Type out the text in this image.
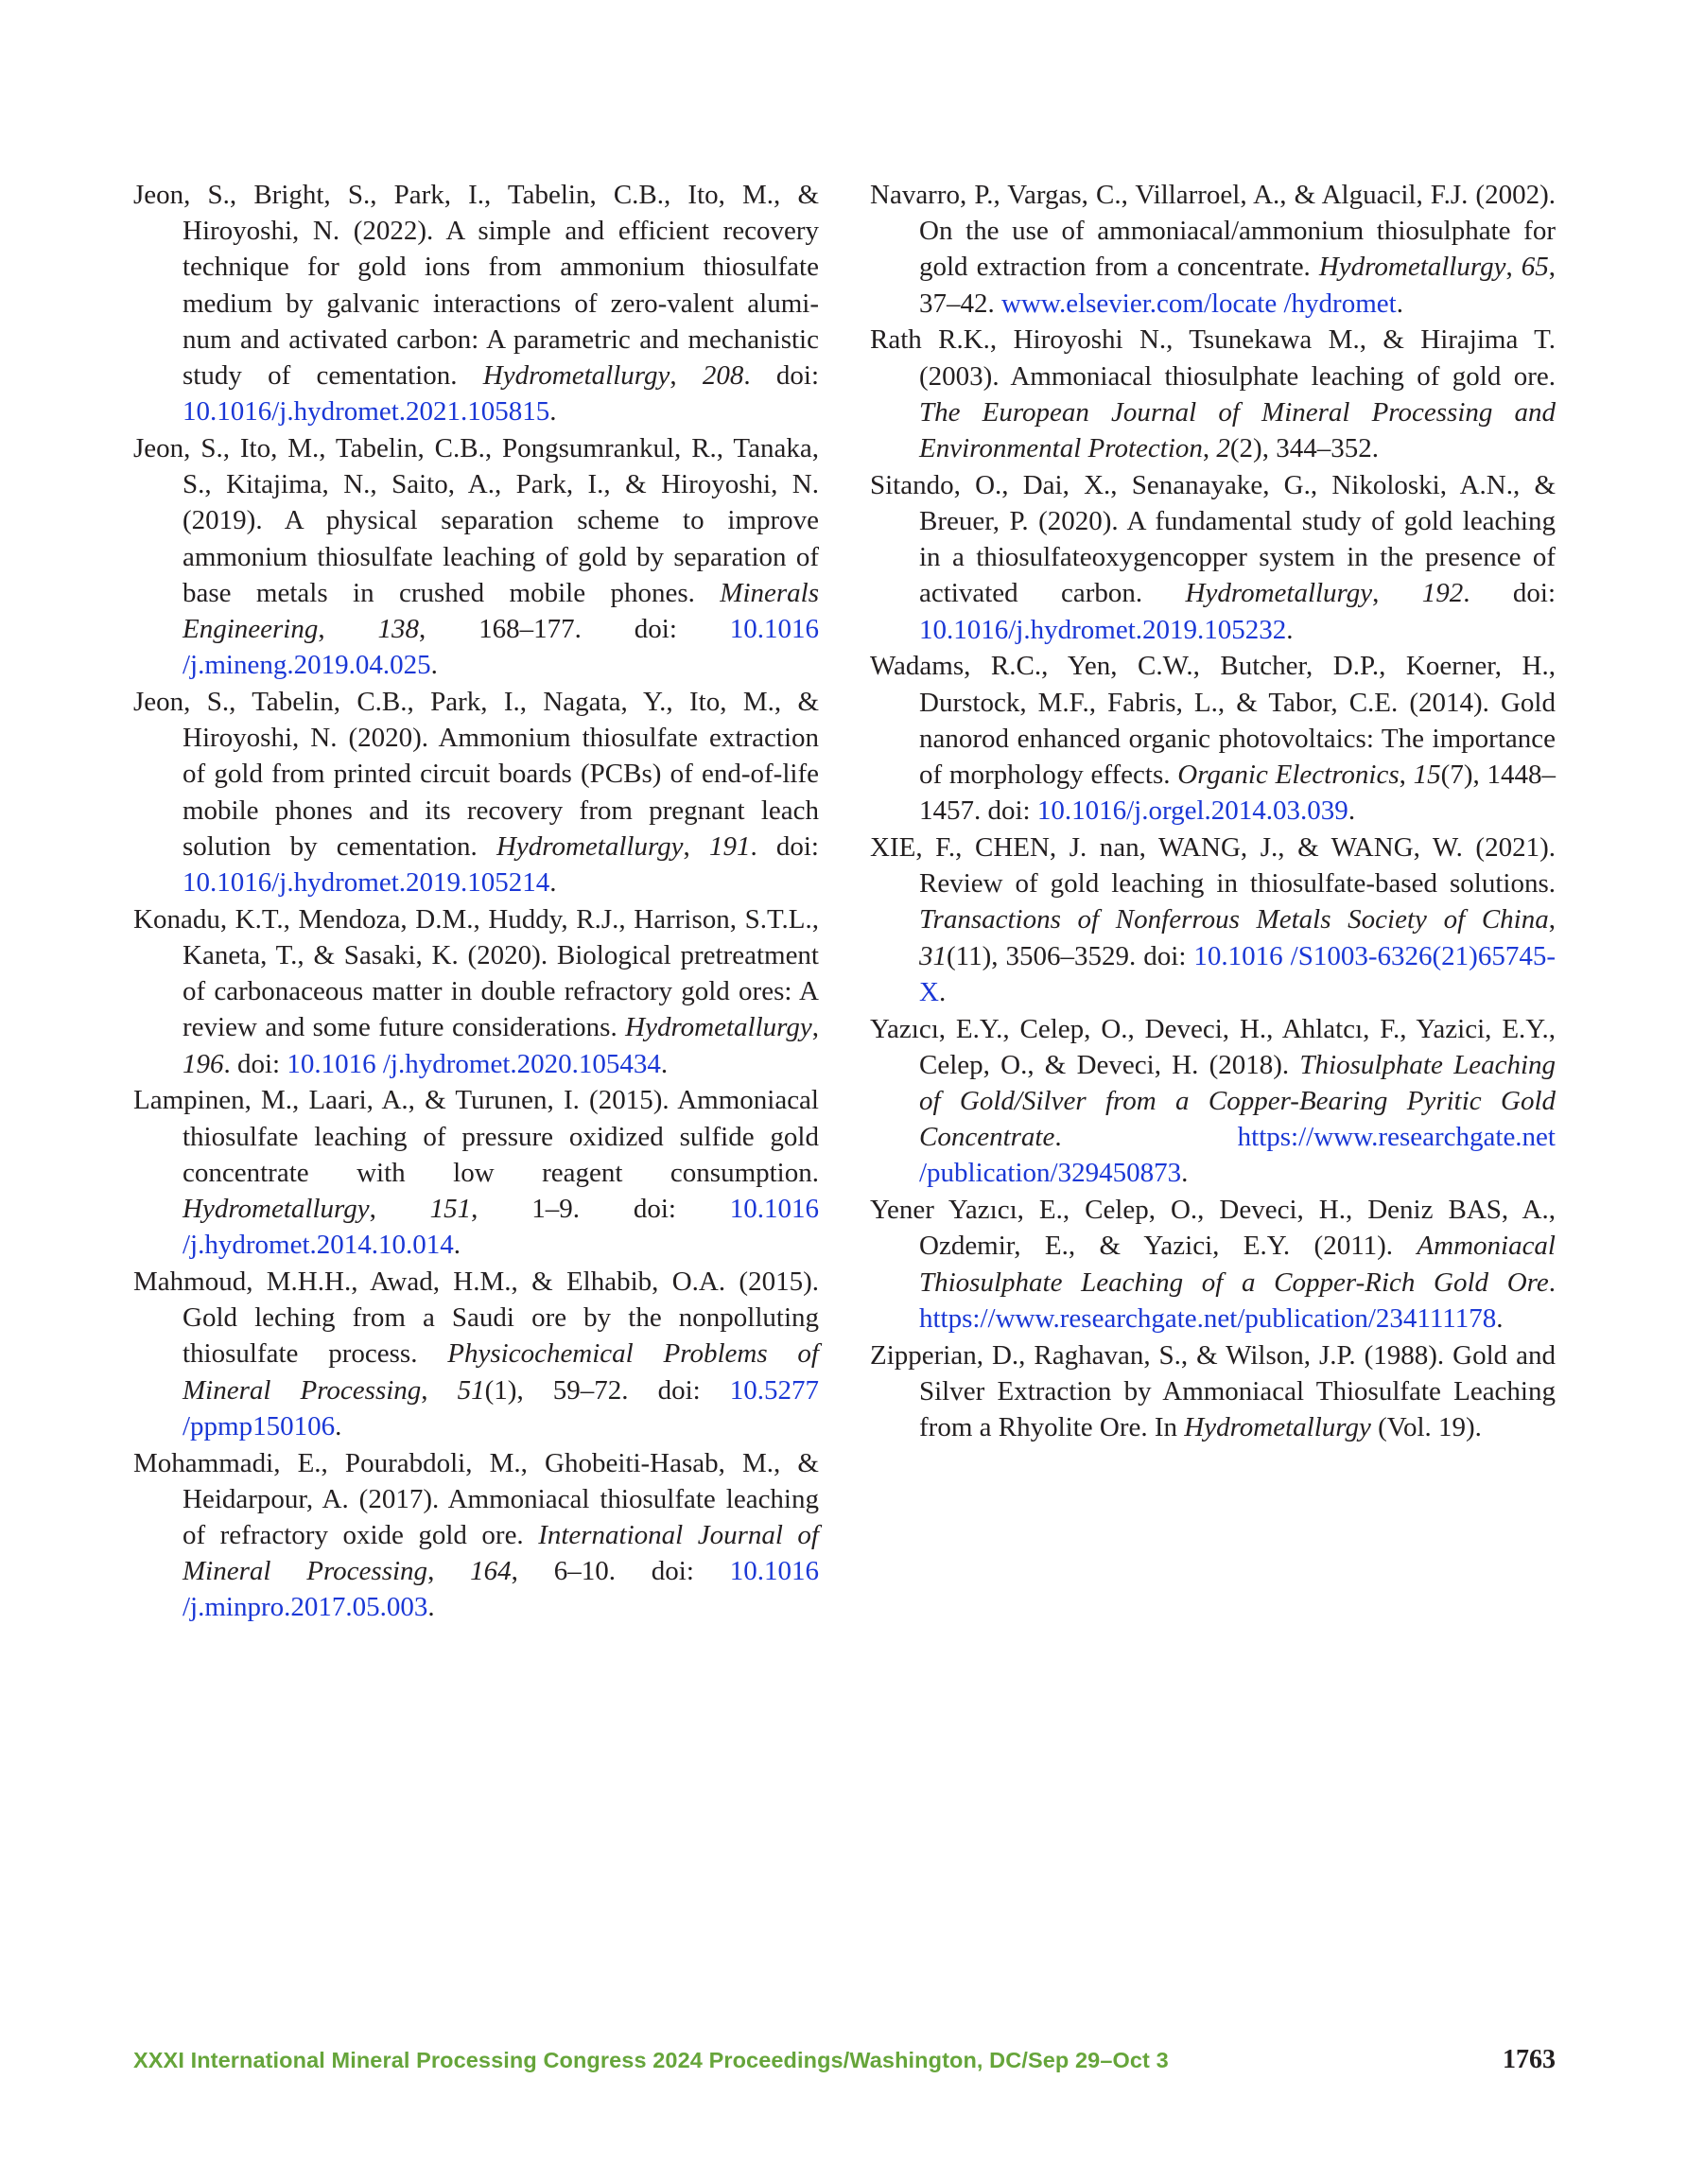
Jeon, S., Bright, S., Park, I., Tabelin, C.B., Ito, M., & Hiroyoshi, N. (2022). A simple and efficient recovery technique for gold ions from ammonium thiosulfate medium by galvanic interactions of zero-valent aluminum and activated carbon: A parametric and mechanistic study of cementation. Hydrometallurgy, 208. doi: 10.1016/j.hydromet.2021.105815.

Jeon, S., Ito, M., Tabelin, C.B., Pongsumrankul, R., Tanaka, S., Kitajima, N., Saito, A., Park, I., & Hiroyoshi, N. (2019). A physical separation scheme to improve ammonium thiosulfate leaching of gold by separation of base metals in crushed mobile phones. Minerals Engineering, 138, 168–177. doi: 10.1016 /j.mineng.2019.04.025.

Jeon, S., Tabelin, C.B., Park, I., Nagata, Y., Ito, M., & Hiroyoshi, N. (2020). Ammonium thiosulfate extraction of gold from printed circuit boards (PCBs) of end-of-life mobile phones and its recovery from pregnant leach solution by cementation. Hydrometallurgy, 191. doi: 10.1016/j.hydromet.2019.105214.

Konadu, K.T., Mendoza, D.M., Huddy, R.J., Harrison, S.T.L., Kaneta, T., & Sasaki, K. (2020). Biological pretreatment of carbonaceous matter in double refractory gold ores: A review and some future considerations. Hydrometallurgy, 196. doi: 10.1016 /j.hydromet.2020.105434.

Lampinen, M., Laari, A., & Turunen, I. (2015). Ammoniacal thiosulfate leaching of pressure oxidized sulfide gold concentrate with low reagent consumption. Hydrometallurgy, 151, 1–9. doi: 10.1016 /j.hydromet.2014.10.014.

Mahmoud, M.H.H., Awad, H.M., & Elhabib, O.A. (2015). Gold leching from a Saudi ore by the nonpolluting thiosulfate process. Physicochemical Problems of Mineral Processing, 51(1), 59–72. doi: 10.5277 /ppmp150106.

Mohammadi, E., Pourabdoli, M., Ghobeiti-Hasab, M., & Heidarpour, A. (2017). Ammoniacal thiosulfate leaching of refractory oxide gold ore. International Journal of Mineral Processing, 164, 6–10. doi: 10.1016 /j.minpro.2017.05.003.

Navarro, P., Vargas, C., Villarroel, A., & Alguacil, F.J. (2002). On the use of ammoniacal/ammonium thiosulphate for gold extraction from a concentrate. Hydrometallurgy, 65, 37–42. www.elsevier.com/locate /hydromet.

Rath R.K., Hiroyoshi N., Tsunekawa M., & Hirajima T. (2003). Ammoniacal thiosulphate leaching of gold ore. The European Journal of Mineral Processing and Environmental Protection, 2(2), 344–352.

Sitando, O., Dai, X., Senanayake, G., Nikoloski, A.N., & Breuer, P. (2020). A fundamental study of gold leaching in a thiosulfateoxygencopper system in the presence of activated carbon. Hydrometallurgy, 192. doi: 10.1016/j.hydromet.2019.105232.

Wadams, R.C., Yen, C.W., Butcher, D.P., Koerner, H., Durstock, M.F., Fabris, L., & Tabor, C.E. (2014). Gold nanorod enhanced organic photovoltaics: The importance of morphology effects. Organic Electronics, 15(7), 1448–1457. doi: 10.1016/j.orgel.2014.03.039.

XIE, F., CHEN, J. nan, WANG, J., & WANG, W. (2021). Review of gold leaching in thiosulfate-based solutions. Transactions of Nonferrous Metals Society of China, 31(11), 3506–3529. doi: 10.1016 /S1003-6326(21)65745-X.

Yazıcı, E.Y., Celep, O., Deveci, H., Ahlatcı, F., Yazici, E.Y., Celep, O., & Deveci, H. (2018). Thiosulphate Leaching of Gold/Silver from a Copper-Bearing Pyritic Gold Concentrate. https://www.researchgate.net /publication/329450873.

Yener Yazıcı, E., Celep, O., Deveci, H., Deniz BAS, A., Ozdemir, E., & Yazici, E.Y. (2011). Ammoniacal Thiosulphate Leaching of a Copper-Rich Gold Ore. https://www.researchgate.net/publication/234111178.

Zipperian, D., Raghavan, S., & Wilson, J.P. (1988). Gold and Silver Extraction by Ammoniacal Thiosulfate Leaching from a Rhyolite Ore. In Hydrometallurgy (Vol. 19).

XXXI International Mineral Processing Congress 2024 Proceedings/Washington, DC/Sep 29–Oct 3	1763
